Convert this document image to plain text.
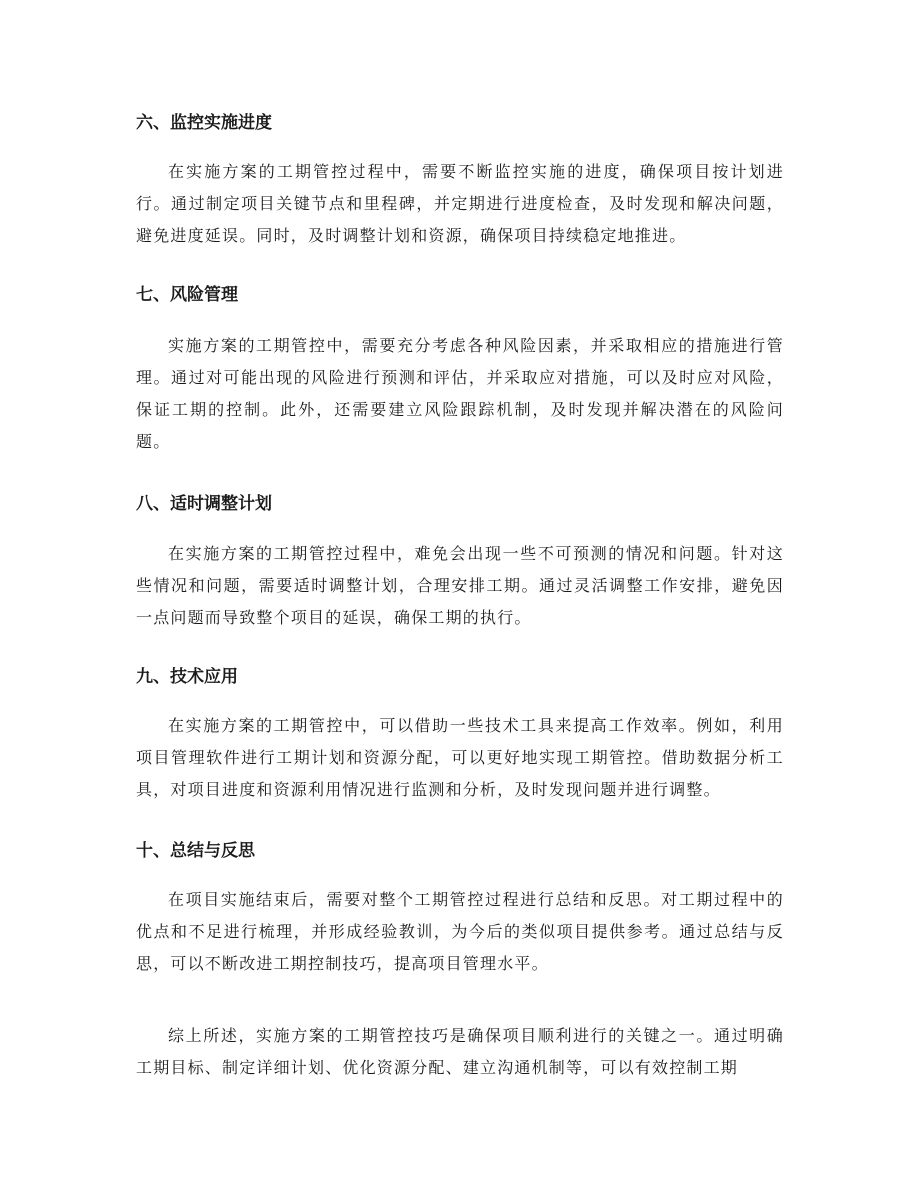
六、监控实施进度

在实施方案的工期管控过程中，需要不断监控实施的进度，确保项目按计划进行。通过制定项目关键节点和里程碑，并定期进行进度检查，及时发现和解决问题，避免进度延误。同时，及时调整计划和资源，确保项目持续稳定地推进。

七、风险管理

实施方案的工期管控中，需要充分考虑各种风险因素，并采取相应的措施进行管理。通过对可能出现的风险进行预测和评估，并采取应对措施，可以及时应对风险，保证工期的控制。此外，还需要建立风险跟踪机制，及时发现并解决潜在的风险问题。

八、适时调整计划

在实施方案的工期管控过程中，难免会出现一些不可预测的情况和问题。针对这些情况和问题，需要适时调整计划，合理安排工期。通过灵活调整工作安排，避免因一点问题而导致整个项目的延误，确保工期的执行。

九、技术应用

在实施方案的工期管控中，可以借助一些技术工具来提高工作效率。例如，利用项目管理软件进行工期计划和资源分配，可以更好地实现工期管控。借助数据分析工具，对项目进度和资源利用情况进行监测和分析，及时发现问题并进行调整。

十、总结与反思

在项目实施结束后，需要对整个工期管控过程进行总结和反思。对工期过程中的优点和不足进行梳理，并形成经验教训，为今后的类似项目提供参考。通过总结与反思，可以不断改进工期控制技巧，提高项目管理水平。

综上所述，实施方案的工期管控技巧是确保项目顺利进行的关键之一。通过明确工期目标、制定详细计划、优化资源分配、建立沟通机制等，可以有效控制工期
